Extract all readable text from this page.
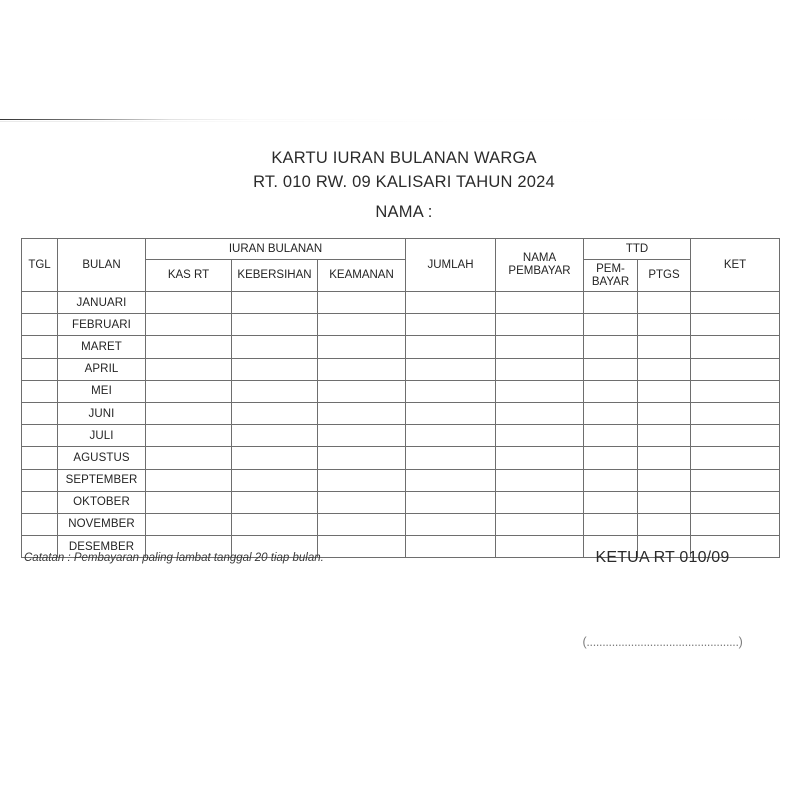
KARTU IURAN BULANAN WARGA
RT. 010 RW. 09 KALISARI TAHUN 2024
NAMA :
TGL	BULAN	IURAN BULANAN			JUMLAH	NAMA PEMBAYAR	TTD		KET
		KAS RT	KEBERSIHAN	KEAMANAN			PEM-BAYAR	PTGS	
	JANUARI								
	FEBRUARI								
	MARET								
	APRIL								
	MEI								
	JUNI								
	JULI								
	AGUSTUS								
	SEPTEMBER								
	OKTOBER								
	NOVEMBER								
	DESEMBER								
Catatan : Pembayaran paling lambat tanggal 20 tiap bulan.	KETUA RT 010/09
(................................................)
